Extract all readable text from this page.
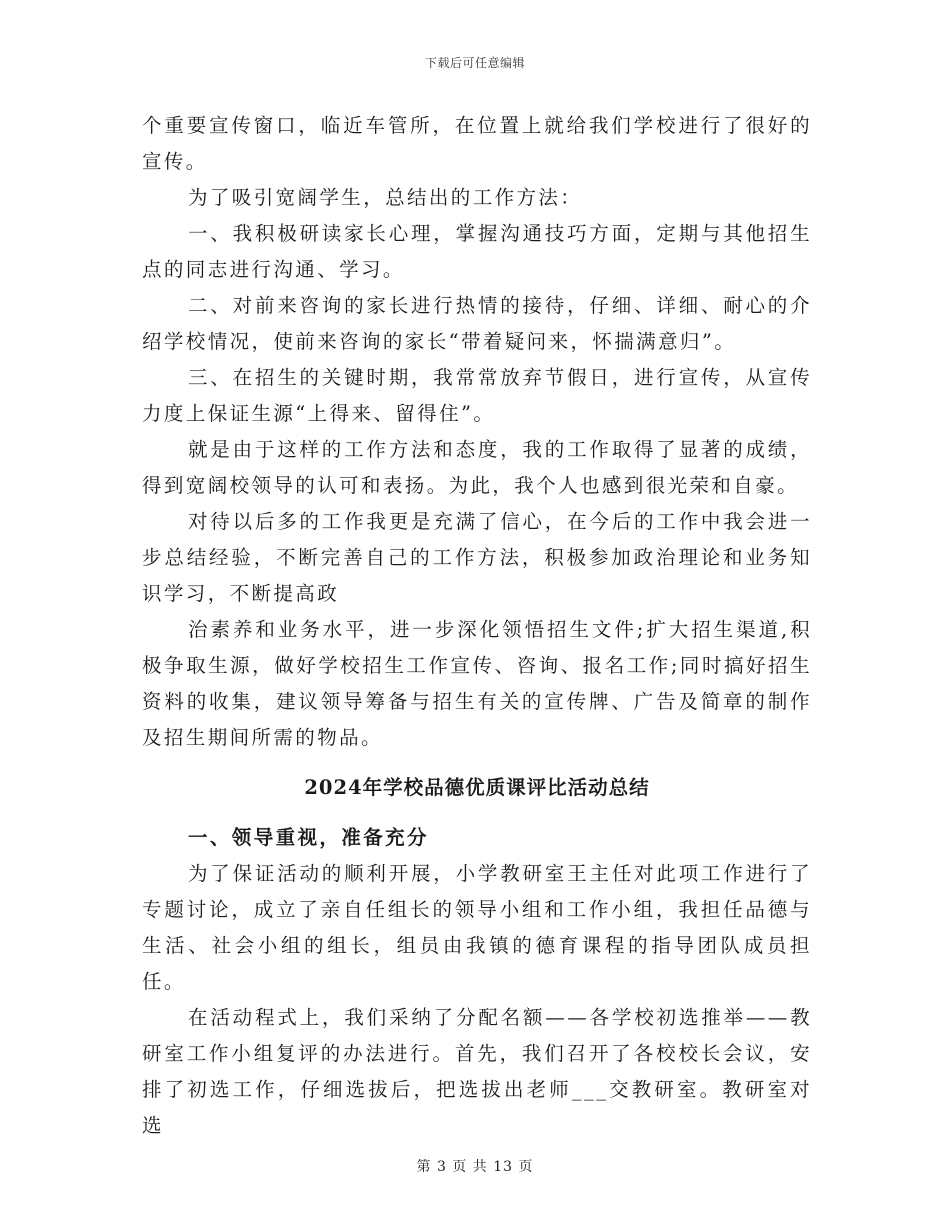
下载后可任意编辑

个重要宣传窗口，临近车管所，在位置上就给我们学校进行了很好的宣传。

为了吸引宽阔学生，总结出的工作方法：

一、我积极研读家长心理，掌握沟通技巧方面，定期与其他招生点的同志进行沟通、学习。

二、对前来咨询的家长进行热情的接待，仔细、详细、耐心的介绍学校情况，使前来咨询的家长“带着疑问来，怀揣满意归”。

三、在招生的关键时期，我常常放弃节假日，进行宣传，从宣传力度上保证生源“上得来、留得住”。

就是由于这样的工作方法和态度，我的工作取得了显著的成绩，得到宽阔校领导的认可和表扬。为此，我个人也感到很光荣和自豪。

对待以后多的工作我更是充满了信心，在今后的工作中我会进一步总结经验，不断完善自己的工作方法，积极参加政治理论和业务知识学习，不断提高政

治素养和业务水平，进一步深化领悟招生文件;扩大招生渠道,积极争取生源，做好学校招生工作宣传、咨询、报名工作;同时搞好招生资料的收集，建议领导筹备与招生有关的宣传牌、广告及简章的制作及招生期间所需的物品。

2024年学校品德优质课评比活动总结

一、领导重视，准备充分

为了保证活动的顺利开展，小学教研室王主任对此项工作进行了专题讨论，成立了亲自任组长的领导小组和工作小组，我担任品德与生活、社会小组的组长，组员由我镇的德育课程的指导团队成员担任。

在活动程式上，我们采纳了分配名额——各学校初选推举——教研室工作小组复评的办法进行。首先，我们召开了各校校长会议，安排了初选工作，仔细选拔后，把选拔出老师___交教研室。教研室对选

第 3 页 共 13 页
